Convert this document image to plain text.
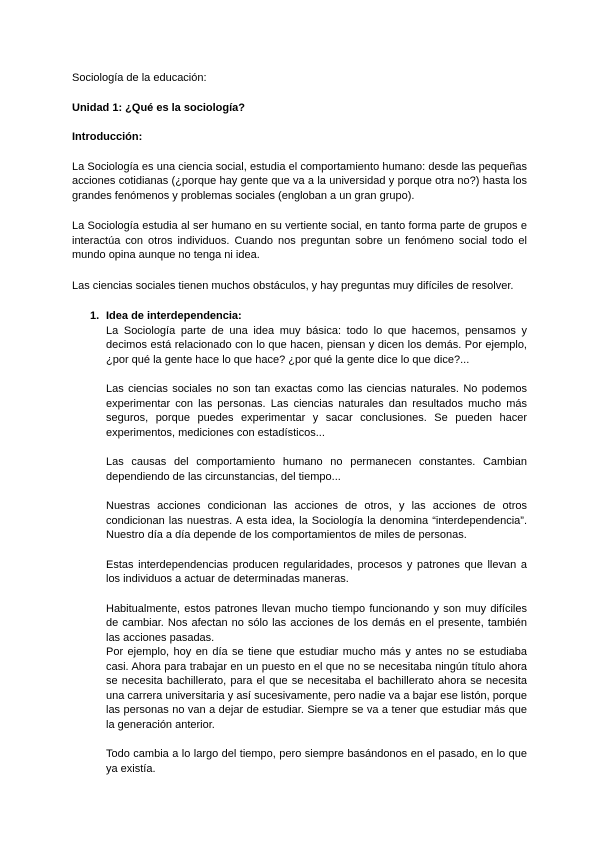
Sociología de la educación:

Unidad 1: ¿Qué es la sociología?

Introducción:

La Sociología es una ciencia social, estudia el comportamiento humano: desde las pequeñas acciones cotidianas (¿porque hay gente que va a la universidad y porque otra no?) hasta los grandes fenómenos y problemas sociales (engloban a un gran grupo).

La Sociología estudia al ser humano en su vertiente social, en tanto forma parte de grupos e interactúa con otros individuos. Cuando nos preguntan sobre un fenómeno social todo el mundo opina aunque no tenga ni idea.

Las ciencias sociales tienen muchos obstáculos, y hay preguntas muy difíciles de resolver.

1. Idea de interdependencia:

La Sociología parte de una idea muy básica: todo lo que hacemos, pensamos y decimos está relacionado con lo que hacen, piensan y dicen los demás. Por ejemplo, ¿por qué la gente hace lo que hace? ¿por qué la gente dice lo que dice?...

Las ciencias sociales no son tan exactas como las ciencias naturales. No podemos experimentar con las personas. Las ciencias naturales dan resultados mucho más seguros, porque puedes experimentar y sacar conclusiones. Se pueden hacer experimentos, mediciones con estadísticos...

Las causas del comportamiento humano no permanecen constantes. Cambian dependiendo de las circunstancias, del tiempo...

Nuestras acciones condicionan las acciones de otros, y las acciones de otros condicionan las nuestras. A esta idea, la Sociología la denomina “interdependencia”. Nuestro día a día depende de los comportamientos de miles de personas.

Estas interdependencias producen regularidades, procesos y patrones que llevan a los individuos a actuar de determinadas maneras.

Habitualmente, estos patrones llevan mucho tiempo funcionando y son muy difíciles de cambiar. Nos afectan no sólo las acciones de los demás en el presente, también las acciones pasadas.

Por ejemplo, hoy en día se tiene que estudiar mucho más y antes no se estudiaba casi. Ahora para trabajar en un puesto en el que no se necesitaba ningún título ahora se necesita bachillerato, para el que se necesitaba el bachillerato ahora se necesita una carrera universitaria y así sucesivamente, pero nadie va a bajar ese listón, porque las personas no van a dejar de estudiar. Siempre se va a tener que estudiar más que la generación anterior.

Todo cambia a lo largo del tiempo, pero siempre basándonos en el pasado, en lo que ya existía.
